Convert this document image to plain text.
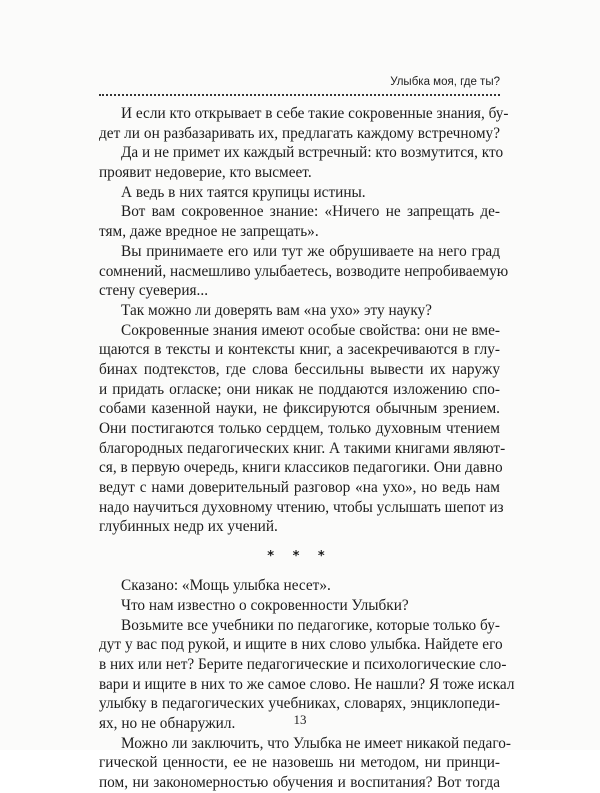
Улыбка моя, где ты?
И если кто открывает в себе такие сокровенные знания, бу-
дет ли он разбазаривать их, предлагать каждому встречному?
Да и не примет их каждый встречный: кто возмутится, кто
проявит недоверие, кто высмеет.
А ведь в них таятся крупицы истины.
Вот вам сокровенное знание: «Ничего не запрещать де-
тям, даже вредное не запрещать».
Вы принимаете его или тут же обрушиваете на него град
сомнений, насмешливо улыбаетесь, возводите непробиваемую
стену суеверия...
Так можно ли доверять вам «на ухо» эту науку?
Сокровенные знания имеют особые свойства: они не вме-
щаются в тексты и контексты книг, а засекречиваются в глу-
бинах подтекстов, где слова бессильны вывести их наружу
и придать огласке; они никак не поддаются изложению спо-
собами казенной науки, не фиксируются обычным зрением.
Они постигаются только сердцем, только духовным чтением
благородных педагогических книг. А такими книгами являют-
ся, в первую очередь, книги классиков педагогики. Они давно
ведут с нами доверительный разговор «на ухо», но ведь нам
надо научиться духовному чтению, чтобы услышать шепот из
глубинных недр их учений.
* * *
Сказано: «Мощь улыбка несет».
Что нам известно о сокровенности Улыбки?
Возьмите все учебники по педагогике, которые только бу-
дут у вас под рукой, и ищите в них слово улыбка. Найдете его
в них или нет? Берите педагогические и психологические сло-
вари и ищите в них то же самое слово. Не нашли? Я тоже искал
улыбку в педагогических учебниках, словарях, энциклопеди-
ях, но не обнаружил.
Можно ли заключить, что Улыбка не имеет никакой педаго-
гической ценности, ее не назовешь ни методом, ни принци-
пом, ни закономерностью обучения и воспитания? Вот тогда
13
